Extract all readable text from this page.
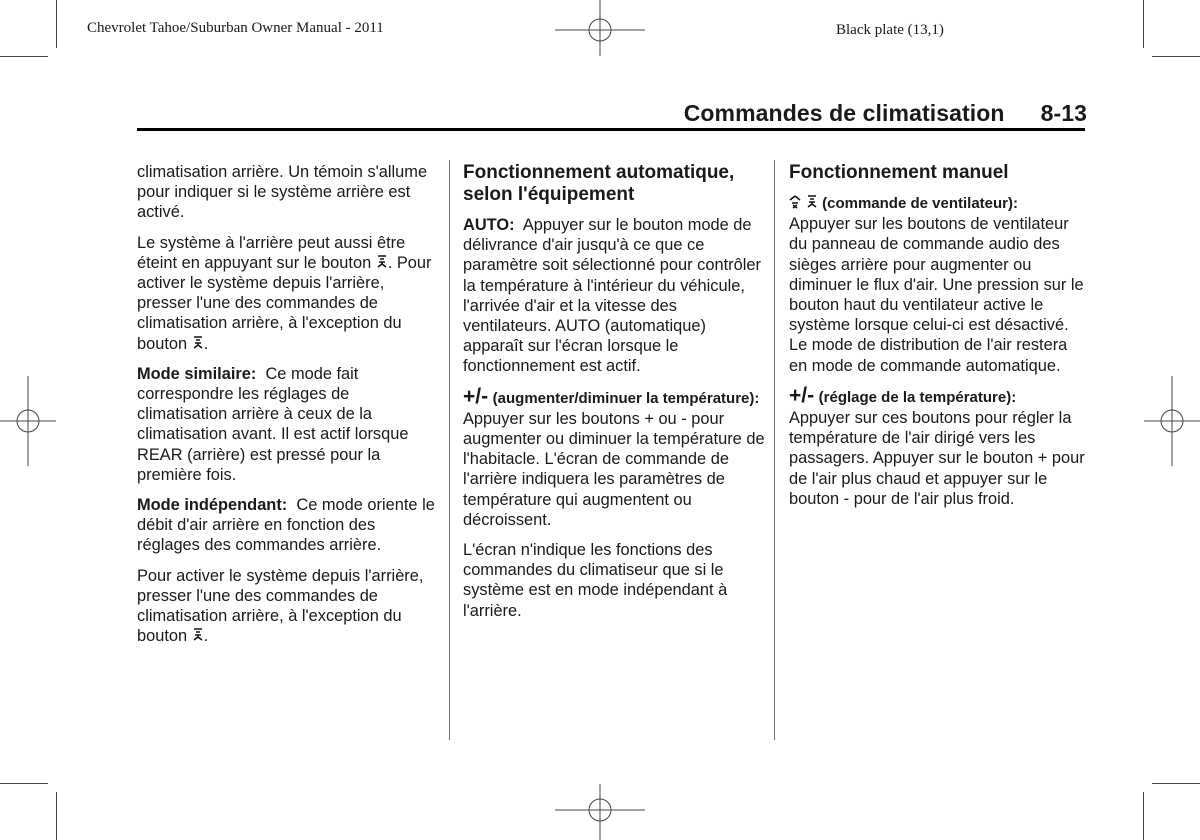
Chevrolet Tahoe/Suburban Owner Manual - 2011	Black plate (13,1)
Commandes de climatisation 8-13

climatisation arrière. Un témoin s'allume pour indiquer si le système arrière est activé.

Le système à l'arrière peut aussi être éteint en appuyant sur le bouton
. Pour activer le système depuis l'arrière, presser l'une des commandes de climatisation arrière, à l'exception du bouton
.

Mode similaire: Ce mode fait correspondre les réglages de climatisation arrière à ceux de la climatisation avant. Il est actif lorsque REAR (arrière) est pressé pour la première fois.

Mode indépendant: Ce mode oriente le débit d'air arrière en fonction des réglages des commandes arrière.

Pour activer le système depuis l'arrière, presser l'une des commandes de climatisation arrière, à l'exception du bouton
.

Fonctionnement automatique, selon l'équipement

AUTO: Appuyer sur le bouton mode de délivrance d'air jusqu'à ce que ce paramètre soit sélectionné pour contrôler la température à l'intérieur du véhicule, l'arrivée d'air et la vitesse des ventilateurs. AUTO (automatique) apparaît sur l'écran lorsque le fonctionnement est actif.

+/- (augmenter/diminuer la température):  Appuyer sur les boutons + ou - pour augmenter ou diminuer la température de l'habitacle. L'écran de commande de l'arrière indiquera les paramètres de température qui augmentent ou décroissent.

L'écran n'indique les fonctions des commandes du climatiseur que si le système est en mode indépendant à l'arrière.

Fonctionnement manuel

(commande de ventilateur):
Appuyer sur les boutons de ventilateur du panneau de commande audio des sièges arrière pour augmenter ou diminuer le flux d'air. Une pression sur le bouton haut du ventilateur active le système lorsque celui-ci est désactivé. Le mode de distribution de l'air restera en mode de commande automatique.

+/- (réglage de la température):
Appuyer sur ces boutons pour régler la température de l'air dirigé vers les passagers. Appuyer sur le bouton + pour de l'air plus chaud et appuyer sur le bouton - pour de l'air plus froid.
